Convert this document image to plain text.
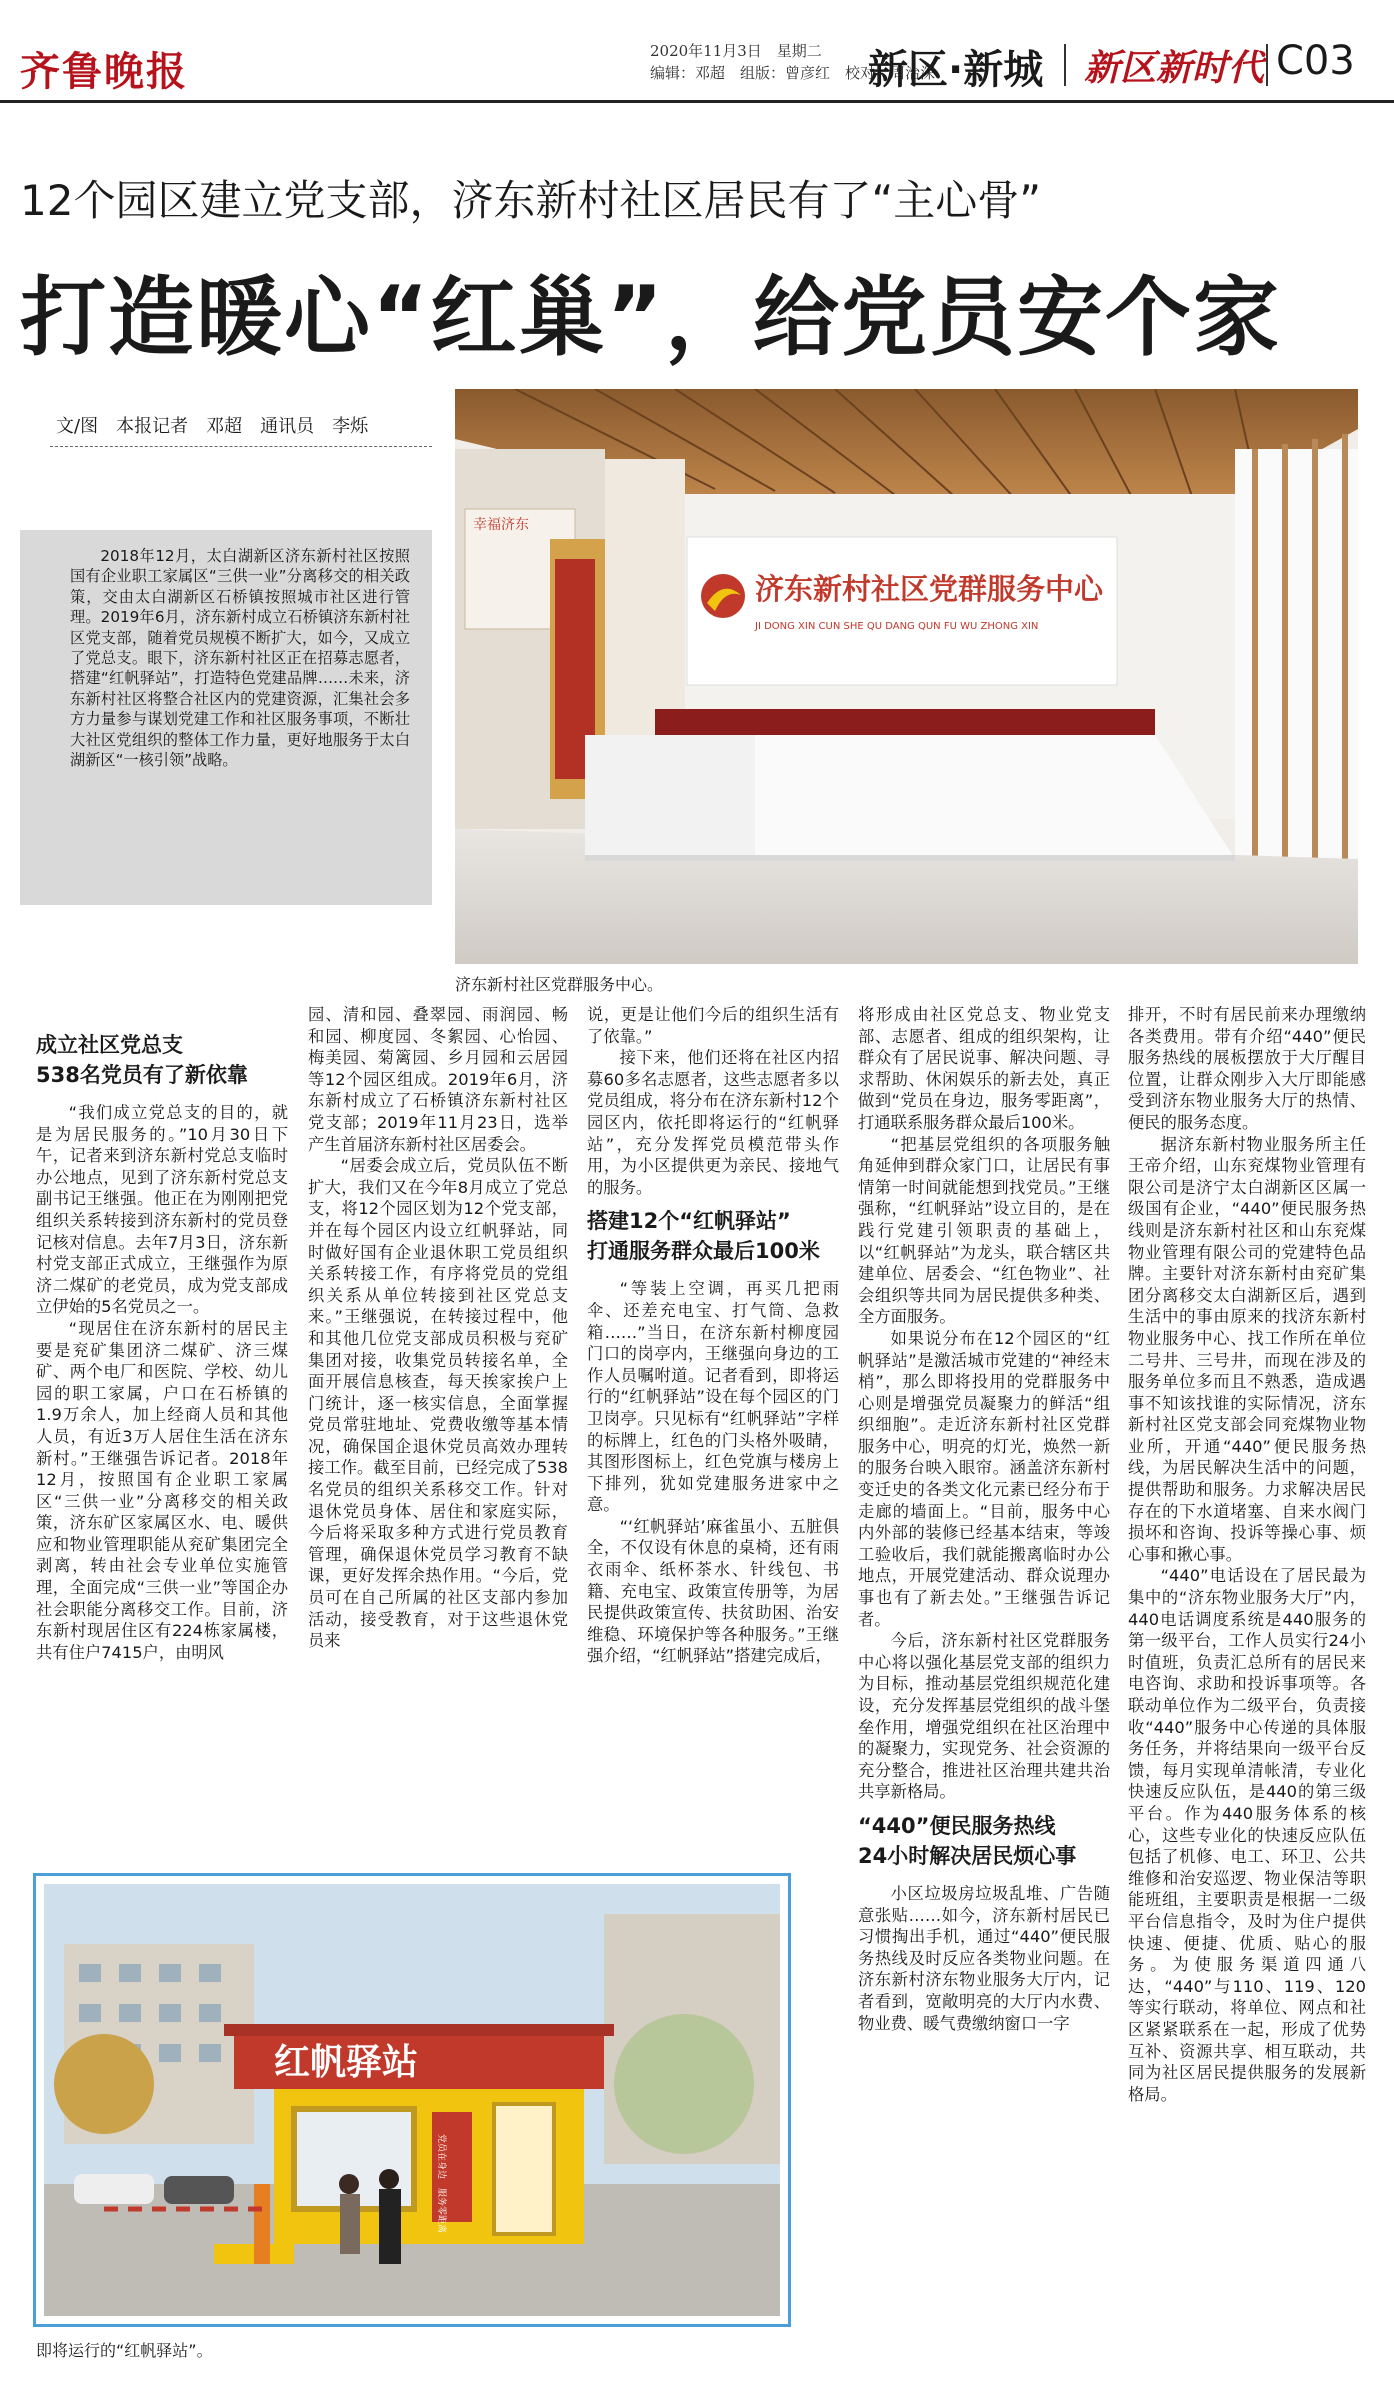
齐鲁晚报	2020年11月3日　星期二
编辑：邓超　组版：曾彦红　校对：周治深
新区·新城 新区新时代 C03
12个园区建立党支部，济东新村社区居民有了“主心骨”
打造暖心“红巢”，给党员安个家
文/图　本报记者　邓超　通讯员　李烁
2018年12月，太白湖新区济东新村社区按照国有企业职工家属区“三供一业”分离移交的相关政策，交由太白湖新区石桥镇按照城市社区进行管理。2019年6月，济东新村成立石桥镇济东新村社区党支部，随着党员规模不断扩大，如今，又成立了党总支。眼下，济东新村社区正在招募志愿者，搭建“红帆驿站”，打造特色党建品牌……未来，济东新村社区将整合社区内的党建资源，汇集社会多方力量参与谋划党建工作和社区服务事项，不断壮大社区党组织的整体工作力量，更好地服务于太白湖新区“一核引领”战略。
幸福济东
济东新村社区党群服务中心
JI DONG XIN CUN SHE QU DANG QUN FU WU ZHONG XIN
济东新村社区党群服务中心。
成立社区党总支
538名党员有了新依靠

“我们成立党总支的目的，就是为居民服务的。”10月30日下午，记者来到济东新村党总支临时办公地点，见到了济东新村党总支副书记王继强。他正在为刚刚把党组织关系转接到济东新村的党员登记核对信息。去年7月3日，济东新村党支部正式成立，王继强作为原济二煤矿的老党员，成为党支部成立伊始的5名党员之一。

“现居住在济东新村的居民主要是兖矿集团济二煤矿、济三煤矿、两个电厂和医院、学校、幼儿园的职工家属，户口在石桥镇的1.9万余人，加上经商人员和其他人员，有近3万人居住生活在济东新村。”王继强告诉记者。2018年12月，按照国有企业职工家属区“三供一业”分离移交的相关政策，济东矿区家属区水、电、暖供应和物业管理职能从兖矿集团完全剥离，转由社会专业单位实施管理，全面完成“三供一业”等国企办社会职能分离移交工作。目前，济东新村现居住区有224栋家属楼，共有住户7415户，由明风

园、清和园、叠翠园、雨润园、畅和园、柳度园、冬絮园、心怡园、梅美园、菊篱园、乡月园和云居园等12个园区组成。2019年6月，济东新村成立了石桥镇济东新村社区党支部；2019年11月23日，选举产生首届济东新村社区居委会。

“居委会成立后，党员队伍不断扩大，我们又在今年8月成立了党总支，将12个园区划为12个党支部，并在每个园区内设立红帆驿站，同时做好国有企业退休职工党员组织关系转接工作，有序将党员的党组织关系从单位转接到社区党总支来。”王继强说，在转接过程中，他和其他几位党支部成员积极与兖矿集团对接，收集党员转接名单，全面开展信息核查，每天挨家挨户上门统计，逐一核实信息，全面掌握党员常驻地址、党费收缴等基本情况，确保国企退休党员高效办理转接工作。截至目前，已经完成了538名党员的组织关系移交工作。针对退休党员身体、居住和家庭实际，今后将采取多种方式进行党员教育管理，确保退休党员学习教育不缺课，更好发挥余热作用。“今后，党员可在自己所属的社区支部内参加活动，接受教育，对于这些退休党员来

说，更是让他们今后的组织生活有了依靠。”

接下来，他们还将在社区内招募60多名志愿者，这些志愿者多以党员组成，将分布在济东新村12个园区内，依托即将运行的“红帆驿站”，充分发挥党员模范带头作用，为小区提供更为亲民、接地气的服务。

搭建12个“红帆驿站”
打通服务群众最后100米

“等装上空调，再买几把雨伞、还差充电宝、打气筒、急救箱……”当日，在济东新村柳度园门口的岗亭内，王继强向身边的工作人员嘱咐道。记者看到，即将运行的“红帆驿站”设在每个园区的门卫岗亭。只见标有“红帆驿站”字样的标牌上，红色的门头格外吸睛，其图形图标上，红色党旗与楼房上下排列，犹如党建服务进家中之意。

“‘红帆驿站’麻雀虽小、五脏俱全，不仅设有休息的桌椅，还有雨衣雨伞、纸杯茶水、针线包、书籍、充电宝、政策宣传册等，为居民提供政策宣传、扶贫助困、治安维稳、环境保护等各种服务。”王继强介绍，“红帆驿站”搭建完成后，

将形成由社区党总支、物业党支部、志愿者、组成的组织架构，让群众有了居民说事、解决问题、寻求帮助、休闲娱乐的新去处，真正做到“党员在身边，服务零距离”，打通联系服务群众最后100米。

“把基层党组织的各项服务触角延伸到群众家门口，让居民有事情第一时间就能想到找党员。”王继强称，“红帆驿站”设立目的，是在践行党建引领职责的基础上，以“红帆驿站”为龙头，联合辖区共建单位、居委会、“红色物业”、社会组织等共同为居民提供多种类、全方面服务。

如果说分布在12个园区的“红帆驿站”是激活城市党建的“神经末梢”，那么即将投用的党群服务中心则是增强党员凝聚力的鲜活“组织细胞”。走近济东新村社区党群服务中心，明亮的灯光，焕然一新的服务台映入眼帘。涵盖济东新村变迁史的各类文化元素已经分布于走廊的墙面上。“目前，服务中心内外部的装修已经基本结束，等竣工验收后，我们就能搬离临时办公地点，开展党建活动、群众说理办事也有了新去处。”王继强告诉记者。

今后，济东新村社区党群服务中心将以强化基层党支部的组织力为目标，推动基层党组织规范化建设，充分发挥基层党组织的战斗堡垒作用，增强党组织在社区治理中的凝聚力，实现党务、社会资源的充分整合，推进社区治理共建共治共享新格局。

“440”便民服务热线
24小时解决居民烦心事

小区垃圾房垃圾乱堆、广告随意张贴……如今，济东新村居民已习惯掏出手机，通过“440”便民服务热线及时反应各类物业问题。在济东新村济东物业服务大厅内，记者看到，宽敞明亮的大厅内水费、物业费、暖气费缴纳窗口一字

排开，不时有居民前来办理缴纳各类费用。带有介绍“440”便民服务热线的展板摆放于大厅醒目位置，让群众刚步入大厅即能感受到济东物业服务大厅的热情、便民的服务态度。

据济东新村物业服务所主任王帝介绍，山东兖煤物业管理有限公司是济宁太白湖新区区属一级国有企业，“440”便民服务热线则是济东新村社区和山东兖煤物业管理有限公司的党建特色品牌。主要针对济东新村由兖矿集团分离移交太白湖新区后，遇到生活中的事由原来的找济东新村物业服务中心、找工作所在单位二号井、三号井，而现在涉及的服务单位多而且不熟悉，造成遇事不知该找谁的实际情况，济东新村社区党支部会同兖煤物业物业所，开通“440”便民服务热线，为居民解决生活中的问题，提供帮助和服务。力求解决居民存在的下水道堵塞、自来水阀门损坏和咨询、投诉等操心事、烦心事和揪心事。

“440”电话设在了居民最为集中的“济东物业服务大厅”内，440电话调度系统是440服务的第一级平台，工作人员实行24小时值班，负责汇总所有的居民来电咨询、求助和投诉事项等。各联动单位作为二级平台，负责接收“440”服务中心传递的具体服务任务，并将结果向一级平台反馈，每月实现单清帐清，专业化快速反应队伍，是440的第三级平台。作为440服务体系的核心，这些专业化的快速反应队伍包括了机修、电工、环卫、公共维修和治安巡逻、物业保洁等职能班组，主要职责是根据一二级平台信息指令，及时为住户提供快速、便捷、优质、贴心的服务。为使服务渠道四通八达，“440”与110、119、120等实行联动，将单位、网点和社区紧紧联系在一起，形成了优势互补、资源共享、相互联动，共同为社区居民提供服务的发展新格局。

红帆驿站
党员在身边　服务零距离
即将运行的“红帆驿站”。
